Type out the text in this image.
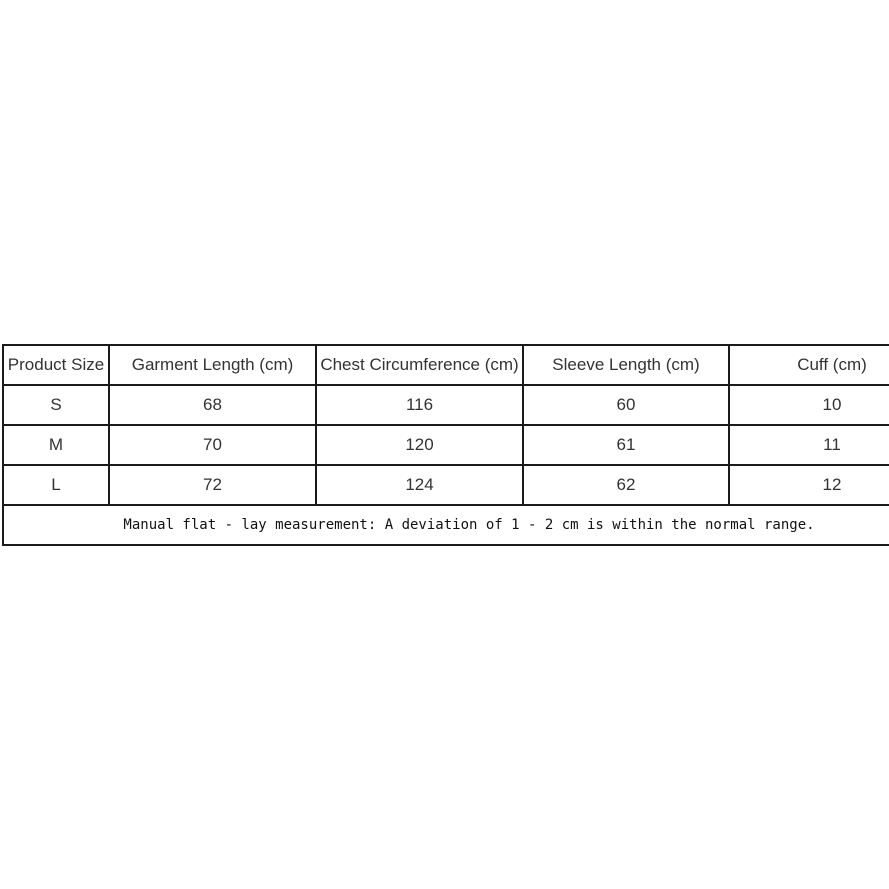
Product Size	Garment Length (cm)	Chest Circumference (cm)	Sleeve Length (cm)	Cuff (cm)
S	68	116	60	10
M	70	120	61	11
L	72	124	62	12
Manual flat - lay measurement: A deviation of 1 - 2 cm is within the normal range.				
